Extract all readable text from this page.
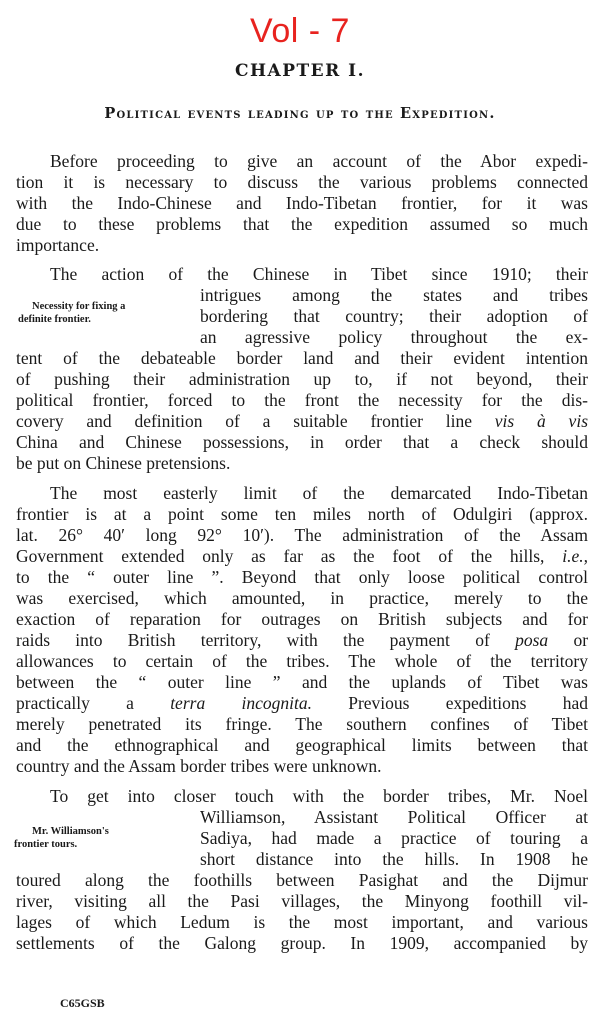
Vol - 7
CHAPTER I.
Political events leading up to the Expedition.
Before proceeding to give an account of the Abor expedi-
tion it is necessary to discuss the various problems connected
with the Indo-Chinese and Indo-Tibetan frontier, for it was
due to these problems that the expedition assumed so much
importance.
The action of the Chinese in Tibet since 1910; their
intrigues among the states and tribes
Necessity for fixing a
definite frontier.	bordering that country; their adoption of
an agressive policy throughout the ex-
tent of the debateable border land and their evident intention
of pushing their administration up to, if not beyond, their
political frontier, forced to the front the necessity for the dis-
covery and definition of a suitable frontier line vis à vis
China and Chinese possessions, in order that a check should
be put on Chinese pretensions.
The most easterly limit of the demarcated Indo-Tibetan
frontier is at a point some ten miles north of Odulgiri (approx.
lat. 26° 40′ long 92° 10′). The administration of the Assam
Government extended only as far as the foot of the hills, i.e.,
to the “ outer line ”. Beyond that only loose political control
was exercised, which amounted, in practice, merely to the
exaction of reparation for outrages on British subjects and for
raids into British territory, with the payment of posa or
allowances to certain of the tribes. The whole of the territory
between the “ outer line ” and the uplands of Tibet was
practically a terra incognita. Previous expeditions had
merely penetrated its fringe. The southern confines of Tibet
and the ethnographical and geographical limits between that
country and the Assam border tribes were unknown.
To get into closer touch with the border tribes, Mr. Noel
Williamson, Assistant Political Officer at
Mr. Williamson's
frontier tours.	Sadiya, had made a practice of touring a
short distance into the hills. In 1908 he
toured along the foothills between Pasighat and the Dijmur
river, visiting all the Pasi villages, the Minyong foothill vil-
lages of which Ledum is the most important, and various
settlements of the Galong group. In 1909, accompanied by
C65GSB
